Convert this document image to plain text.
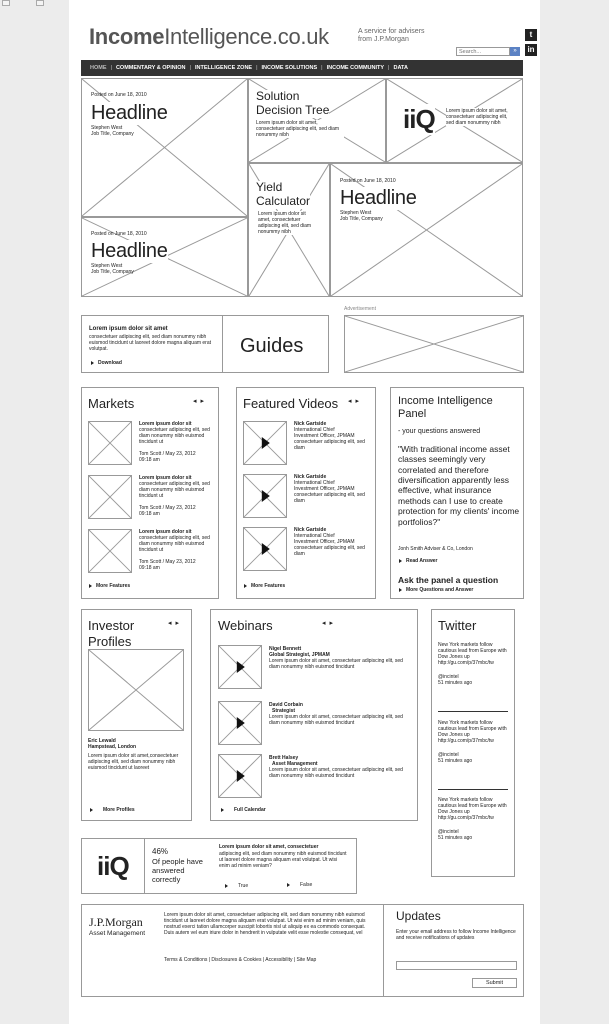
IncomeIntelligence.co.uk	A service for advisers
from J.P.Morgan
Search...
»
t
in
HOME | COMMENTARY & OPINION | INTELLIGENCE ZONE | INCOME SOLUTIONS | INCOME COMMUNITY | DATA
Posted on June 18, 2010
Headline
Stephen West
Job Title, Company
Solution
Decision Tree
Lorem ipsum dolor sit amet, consectetuer adipiscing elit, sed diam nonummy nibh
iiQ Lorem ipsum dolor sit amet, consectetuer adipiscing elit, sed diam nonummy nibh
Posted on June 18, 2010
Headline
Stephen West
Job Title, Company
Yield
Calculator
Lorem ipsum dolor sit amet, consectetuer adipiscing elit, sed diam nonummy nibh
Posted on June 18, 2010
Headline
Stephen West
Job Title, Company
Lorem ipsum dolor sit amet
consectetuer adipiscing elit, sed diam nonummy nibh euismod tincidunt ut laoreet dolore magna aliquam erat volutpat.
Download
Guides
Advertisement
Markets	◂ ▸
Lorem ipsum dolor sit
consectetuer adipiscing elit, sed diam nonummy nibh euismod tincidunt ut
Tom Scott / May 23, 2012
09:18 am
Lorem ipsum dolor sit
consectetuer adipiscing elit, sed diam nonummy nibh euismod tincidunt ut
Tom Scott / May 23, 2012
09:18 am
Lorem ipsum dolor sit
consectetuer adipiscing elit, sed diam nonummy nibh euismod tincidunt ut
Tom Scott / May 23, 2012
09:18 am
More Features
Featured Videos ◂ ▸
Nick Gartside
International Chief
Investment Officer, JPMAM
consectetuer adipiscing elit, sed diam
Nick Gartside
International Chief
Investment Officer, JPMAM
consectetuer adipiscing elit, sed diam
Nick Gartside
International Chief
Investment Officer, JPMAM
consectetuer adipiscing elit, sed diam
More Features
Income Intelligence
Panel
- your questions answered
"With traditional income asset classes seemingly very correlated and therefore diversification apparently less effective, what insurance methods can I use to create protection for my clients' income portfolios?"
Jonh Smith Adviser & Co, London
Read Answer
Ask the panel a question
More Questions and Answer
Investor
Profiles
◂ ▸
Eric Lewald
Hampstead, London
Lorem ipsum dolor sit amet,consectetuer adipiscing elit, sed diam nonummy nibh euismod tincidunt ut laoreet
More Profiles
Webinars	◂ ▸
Nigel Bennett
Global Strategist, JPMAM
Lorem ipsum dolor sit amet, consectetuer adipiscing elit, sed diam nonummy nibh euismod tincidunt
David Corbain
Strategist
Lorem ipsum dolor sit amet, consectetuer adipiscing elit, sed diam nonummy nibh euismod tincidunt
Brett Halsey
Asset Management
Lorem ipsum dolor sit amet, consectetuer adipiscing elit, sed diam nonummy nibh euismod tincidunt
Full Calendar
Twitter
New York markets follow cautious lead from Europe with Dow Jones up http://gu.com/p/37mbc/tw
@incintel
51 minutes ago
New York markets follow cautious lead from Europe with Dow Jones up http://gu.com/p/37mbc/tw
@incintel
51 minutes ago
New York markets follow cautious lead from Europe with Dow Jones up http://gu.com/p/37mbc/tw
@incintel
51 minutes ago
iiQ	46%
Of people have answered correctly
Lorem ipsum dolor sit amet, consectetuer
adipiscing elit, sed diam nonummy nibh euismod tincidunt ut laoreet dolore magna aliquam erat volutpat. Ut wisi enim ad minim veniam?
True	False
J.P.Morgan
Asset Management
Lorem ipsum dolor sit amet, consectetuer adipiscing elit, sed diam nonummy nibh euismod tincidunt ut laoreet dolore magna aliquam erat volutpat. Ut wisi enim ad minim veniam, quis nostrud exerci tation ullamcorper suscipit lobortis nisl ut aliquip ex ea commodo consequat. Duis autem vel eum iriure dolor in hendrerit in vulputate velit esse molestie consequat, vel
Terms & Conditions | Disclosures & Cookies | Accessibility | Site Map
Updates
Enter your email address to follow Income Intelligence and receive notifications of updates
Submit
